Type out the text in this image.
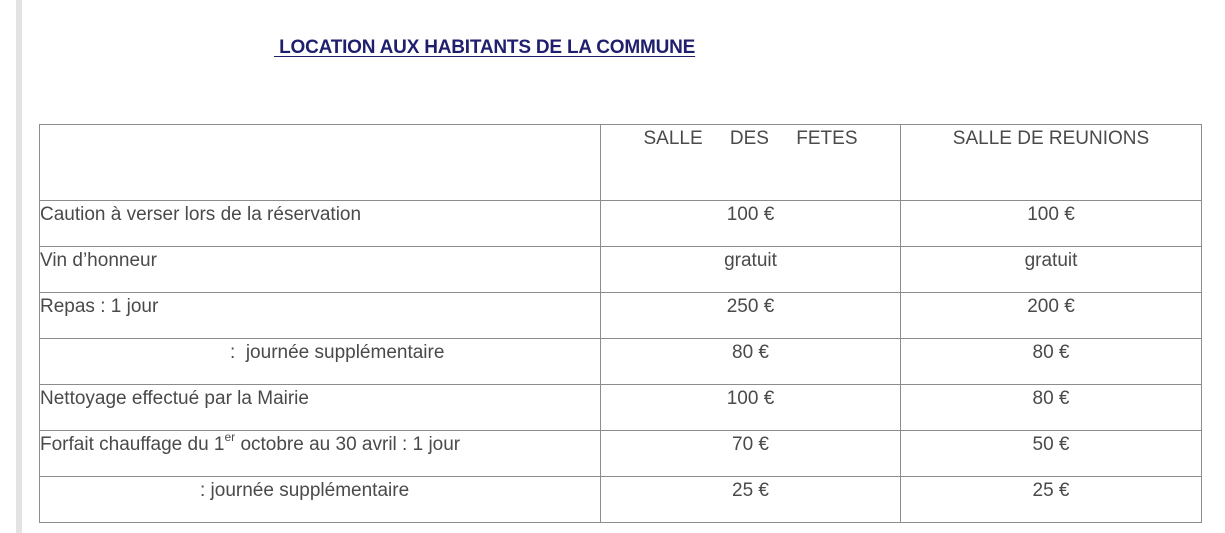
LOCATION AUX HABITANTS DE LA COMMUNE
	SALLE DES FETES	SALLE DE REUNIONS
Caution à verser lors de la réservation	100 €	100 €
Vin d’honneur	gratuit	gratuit
Repas : 1 jour	250 €	200 €
:  journée supplémentaire	80 €	80 €
Nettoyage effectué par la Mairie	100 €	80 €
Forfait chauffage du 1er octobre au 30 avril : 1 jour	70 €	50 €
: journée supplémentaire	25 €	25 €
